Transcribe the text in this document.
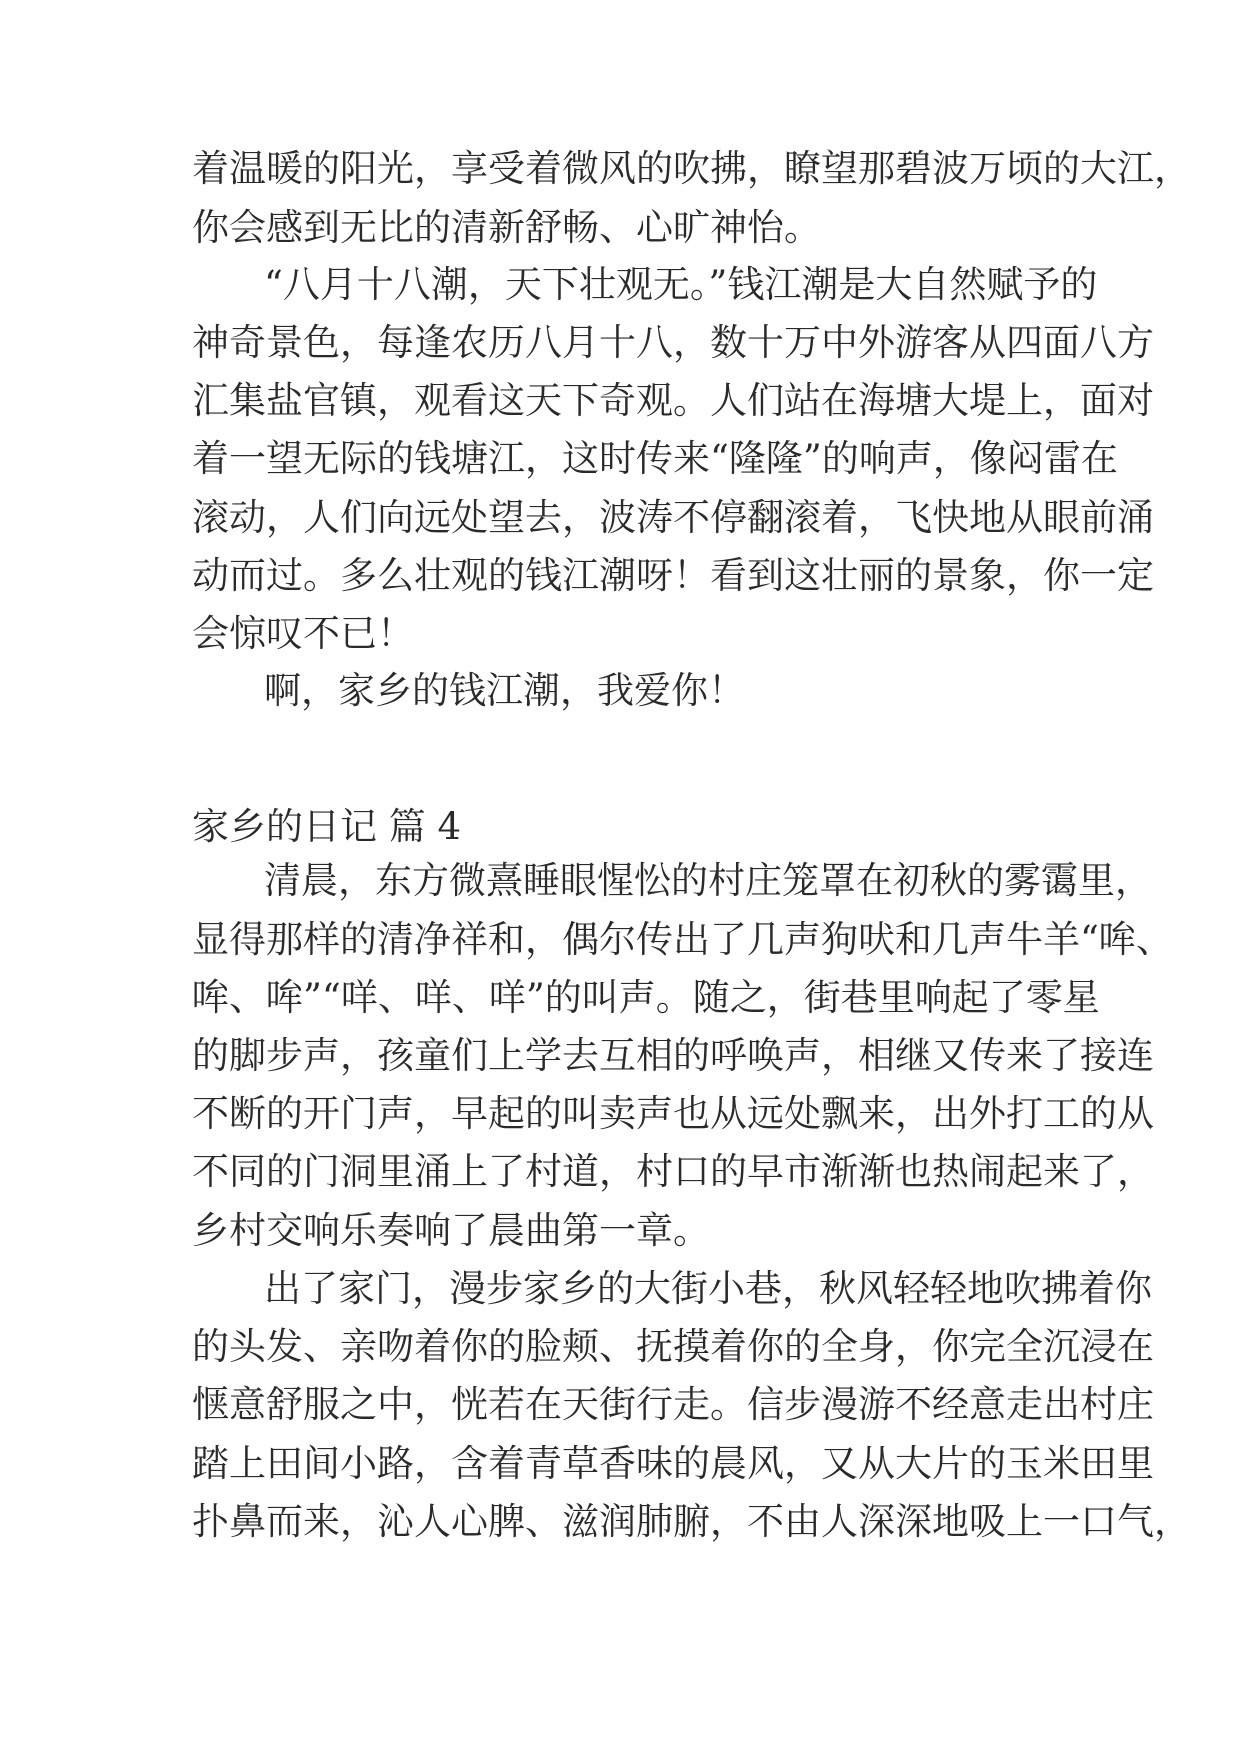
着温暖的阳光，享受着微风的吹拂，瞭望那碧波万顷的大江，
你会感到无比的清新舒畅、心旷神怡。
“八月十八潮，天下壮观无。”钱江潮是大自然赋予的
神奇景色，每逢农历八月十八，数十万中外游客从四面八方
汇集盐官镇，观看这天下奇观。人们站在海塘大堤上，面对
着一望无际的钱塘江，这时传来“隆隆”的响声，像闷雷在
滚动，人们向远处望去，波涛不停翻滚着，飞快地从眼前涌
动而过。多么壮观的钱江潮呀！看到这壮丽的景象，你一定
会惊叹不已！
啊，家乡的钱江潮，我爱你！
家乡的日记 篇 4
清晨，东方微熹睡眼惺忪的村庄笼罩在初秋的雾霭里，
显得那样的清净祥和，偶尔传出了几声狗吠和几声牛羊“哞、
哞、哞”“咩、咩、咩”的叫声。随之，街巷里响起了零星
的脚步声，孩童们上学去互相的呼唤声，相继又传来了接连
不断的开门声，早起的叫卖声也从远处飘来，出外打工的从
不同的门洞里涌上了村道，村口的早市渐渐也热闹起来了，
乡村交响乐奏响了晨曲第一章。
出了家门，漫步家乡的大街小巷，秋风轻轻地吹拂着你
的头发、亲吻着你的脸颊、抚摸着你的全身，你完全沉浸在
惬意舒服之中，恍若在天街行走。信步漫游不经意走出村庄
踏上田间小路，含着青草香味的晨风，又从大片的玉米田里
扑鼻而来，沁人心脾、滋润肺腑，不由人深深地吸上一口气，
